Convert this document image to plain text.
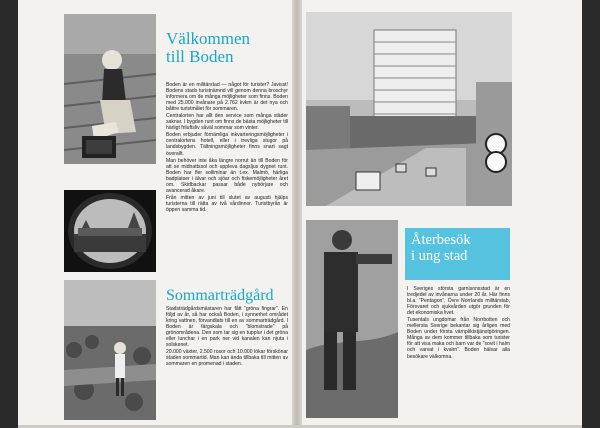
Välkommen
till Boden

Boden är en militärstad — något för turister? Javisst! Bodens stads turistnämnd vill genom denna broschyr informera om de många möjligheter som finns. Boden med 25.000 invånare på 2.762 kvkm är det nya och båttre turistmålet för sommaren.

Centralorten har allt den service som många städer saknar. I bygden runt om finns de bästa möjligheter till härligt friluftsliv såväl sommar som vinter.

Boden erbjuder förnämliga inkvarteringsmöjligheter i centralortens hotell, eller i trevliga stugor på landsbygden. Tältningsmöjligheter finns snart sagt överallt.

Man behöver inte åka längre norrut än till Boden för att se midnattssol och uppleva dagsljus dygnet runt. Boden har fler solliminar än t.ex. Malmö, härliga badplatser i älvar och sjöar och fiskemöjligheter året om. Skidbackar passar både nybörjare och avancerad åkare.

Från mitten av juni till slutet av augusti hjälps turisterna till rätta av två vårdinnor. Turistbyrån är öppen samma tid.

Sommarträdgård

Stadsträdgårdsmästaren har fått ”gröna fingrar”. En följd av år, så har också Boden, i synnerhet området kring vattnen, förvandlats till en av sommarträdgård. I Boden är färgskala och ”blomstrade” på grönområdena. Den som tar sig en tupplur i det gröna eller lunchar i en park ner vid kanalen kan njuta i solskenet.

20.000 växter, 2.500 rosor och 10.000 lökar förskönar staden sommartid. Man kan ända tillbaka till mitten av sommaren en promenad i staden.

Återbesök
i ung stad

I Sveriges största garnisonsstad är en tredjedel av invånarna under 20 år. Här finns bl.a. ”Pentagon”, Övre Norrlands militärstab, Försvaret och sjukvården utgör grunden för det ekonomiska livet.

Tusentals ungdomar från Norrbotten och mellersta Sverige bekantar sig årligen med Boden under första värnpliktstjänstgöringen. Många av dem kommer tillbaka som turister för att visa maka och barn var de ”sovit i halm och varvat i kvalm”. Boden hälsar alla besökare välkomna.
